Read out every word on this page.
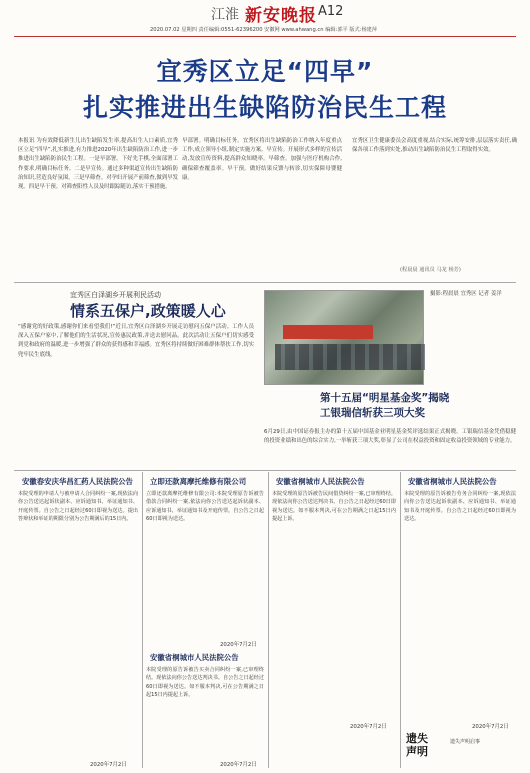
江淮 新安晚报 A12
2020.07.02 星期四 责任编辑:0551-62396200 安徽网 www.ahwang.cn 编辑:郭平 版式:杨建萍
宜秀区立足“四早”
扎实推进出生缺陷防治民生工程
本报讯 为有效降低新生儿出生缺陷发生率,提高出生人口素质,宜秀区立足“四早”,扎实推进,有力推进2020年出生缺陷防治工作,进一步推进出生缺陷防治民生工程。一是早部署。下好先手棋,全面部署工作要求,明确目标任务。二是早宣传。通过多种渠道宣传出生缺陷防治知识,营造良好氛围。三是早筛查。对孕妇开展产前筛查,做到早发现。四是早干预。对筛查阳性人员及时跟踪随访,落实干预措施。
早部署。明确目标任务。宜秀区将出生缺陷防治工作纳入年度重点工作,成立领导小组,制定实施方案。早宣传。开展形式多样的宣传活动,发放宣传资料,提高群众知晓率。早筛查。加强与医疗机构合作,确保筛查覆盖率。早干预。做好结果反馈与转诊,切实保障母婴健康。
宜秀区卫生健康委员会高度重视,结合实际,统筹安排,层层落实责任,确保各项工作落到实处,推动出生缺陷防治民生工程取得实效。
(程晨晨 通讯员 马龙 杨芳)
宜秀区白泽湖乡开展利民活动
情系五保户,政策暖人心
“感谢党的好政策,感谢你们来看望我们!”近日,宜秀区白泽湖乡开展走访慰问五保户活动。工作人员深入五保户家中,了解他们的生活状况,宣传惠民政策,并送去慰问品。此次活动让五保户们切实感受到党和政府的温暖,进一步增强了群众的获得感和幸福感。宜秀区将持续做好困难群体帮扶工作,切实兜牢民生底线。
摄影:程晨晨 宜秀区 记者 姜洋
第十五届“明星基金奖”揭晓
工银瑞信斩获三项大奖
6月29日,由中国证券报主办的第十五届中国基金业明星基金奖评选结果正式揭晓。工银瑞信基金凭借稳健的投资业绩和出色的综合实力,一举斩获三项大奖,彰显了公司在权益投资和固定收益投资领域的专业能力。
安徽春安庆华昌汇药人民法院公告
本院受理的申请人与被申请人合同纠纷一案,现依法向你公告送达起诉状副本、应诉通知书、举证通知书、开庭传票。自公告之日起经过60日即视为送达。提出答辩状和举证的期限分别为公告期满后的15日内。
2020年7月2日
立即还款离摩托维修有限公司
立即还款离摩托维修有限公司:本院受理原告诉被告借款合同纠纷一案,依法向你公告送达起诉状副本、应诉通知书、举证通知书及开庭传票。自公告之日起60日即视为送达。
2020年7月2日
安徽省桐城市人民法院公告
本院受理的原告诉被告买卖合同纠纷一案,已审理终结。现依法向你公告送达判决书。自公告之日起经过60日即视为送达。如不服本判决,可在公告期满之日起15日内提起上诉。
2020年7月2日
安徽省桐城市人民法院公告
本院受理的原告诉被告民间借贷纠纷一案,已审理终结。现依法向你公告送达判决书。自公告之日起经过60日即视为送达。如不服本判决,可在公告期满之日起15日内提起上诉。
2020年7月2日
安徽省桐城市人民法院公告
本院受理的原告诉被告劳务合同纠纷一案,现依法向你公告送达起诉状副本、应诉通知书、举证通知书及开庭传票。自公告之日起经过60日即视为送达。
2020年7月2日
遗失
声明
遗失声明启事
